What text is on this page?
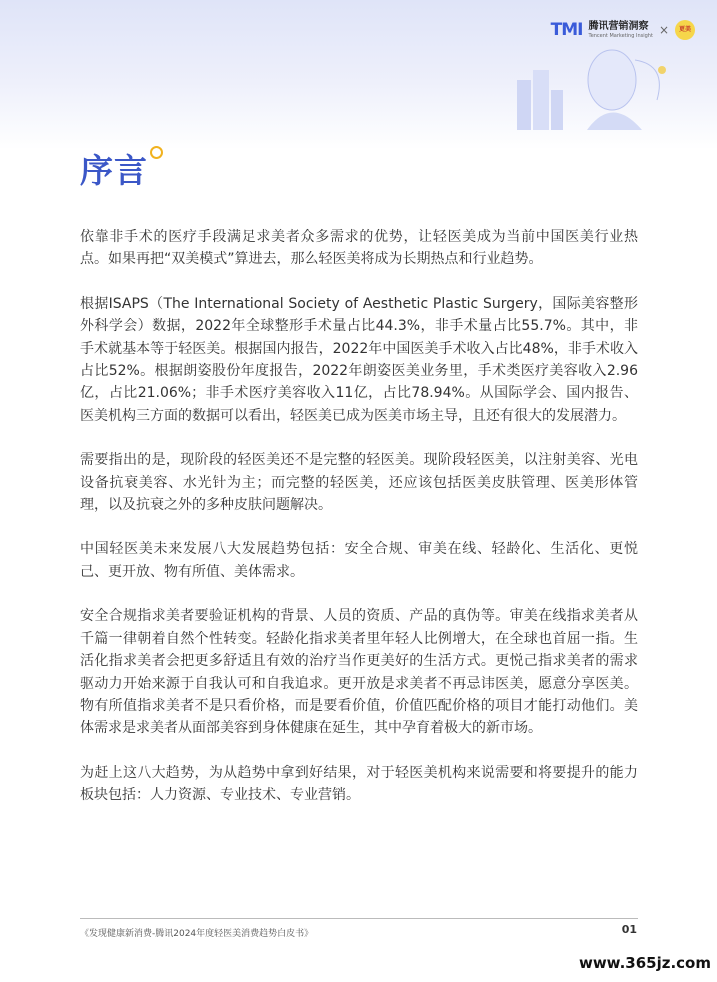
TMI 腾讯营销洞察
Tencent Marketing Insight ×	更美
序言

依靠非手术的医疗手段满足求美者众多需求的优势，让轻医美成为当前中国医美行业热点。如果再把“双美模式”算进去，那么轻医美将成为长期热点和行业趋势。

根据ISAPS（The International Society of Aesthetic Plastic Surgery，国际美容整形外科学会）数据，2022年全球整形手术量占比44.3%，非手术量占比55.7%。其中，非手术就基本等于轻医美。根据国内报告，2022年中国医美手术收入占比48%，非手术收入占比52%。根据朗姿股份年度报告，2022年朗姿医美业务里，手术类医疗美容收入2.96亿，占比21.06%；非手术医疗美容收入11亿，占比78.94%。从国际学会、国内报告、医美机构三方面的数据可以看出，轻医美已成为医美市场主导，且还有很大的发展潜力。

需要指出的是，现阶段的轻医美还不是完整的轻医美。现阶段轻医美，以注射美容、光电设备抗衰美容、水光针为主；而完整的轻医美，还应该包括医美皮肤管理、医美形体管理，以及抗衰之外的多种皮肤问题解决。

中国轻医美未来发展八大发展趋势包括：安全合规、审美在线、轻龄化、生活化、更悦己、更开放、物有所值、美体需求。

安全合规指求美者要验证机构的背景、人员的资质、产品的真伪等。审美在线指求美者从千篇一律朝着自然个性转变。轻龄化指求美者里年轻人比例增大，在全球也首屈一指。生活化指求美者会把更多舒适且有效的治疗当作更美好的生活方式。更悦己指求美者的需求驱动力开始来源于自我认可和自我追求。更开放是求美者不再忌讳医美，愿意分享医美。物有所值指求美者不是只看价格，而是要看价值，价值匹配价格的项目才能打动他们。美体需求是求美者从面部美容到身体健康在延生，其中孕育着极大的新市场。

为赶上这八大趋势，为从趋势中拿到好结果，对于轻医美机构来说需要和将要提升的能力板块包括：人力资源、专业技术、专业营销。

《发现健康新消费-腾讯2024年度轻医美消费趋势白皮书》	01
www.365jz.com
